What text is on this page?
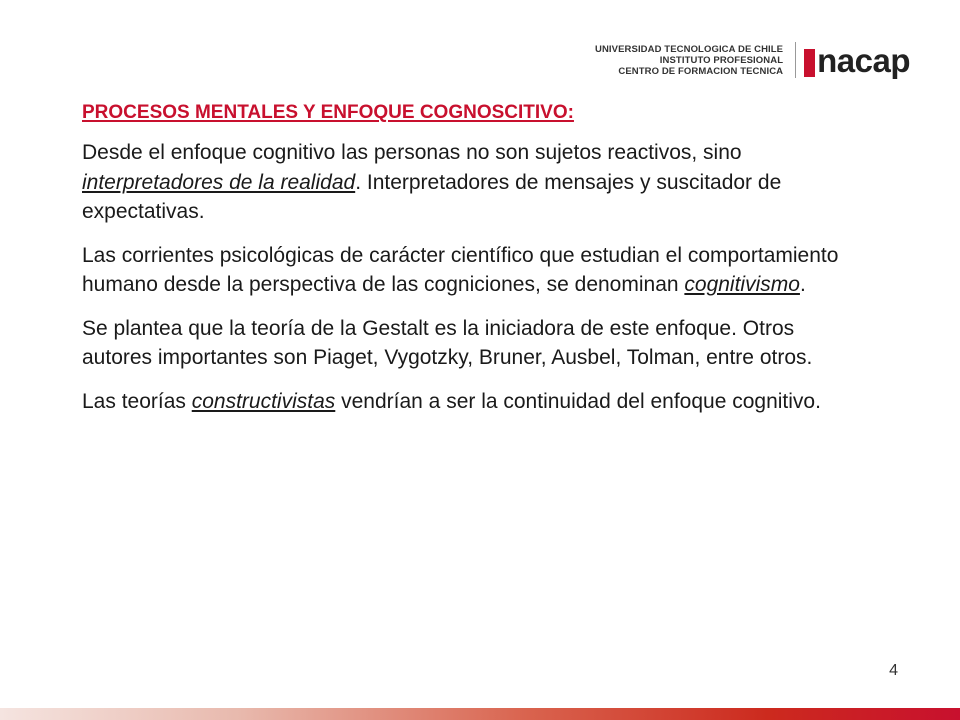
UNIVERSIDAD TECNOLOGICA DE CHILE
INSTITUTO PROFESIONAL
CENTRO DE FORMACION TECNICA nacap
PROCESOS MENTALES Y ENFOQUE COGNOSCITIVO:

Desde el enfoque cognitivo las personas no son sujetos reactivos, sino interpretadores de la realidad. Interpretadores de mensajes y suscitador de expectativas.

Las corrientes psicológicas de carácter científico que estudian el comportamiento humano desde la perspectiva de las cogniciones, se denominan cognitivismo.

Se plantea que la teoría de la Gestalt es la iniciadora de este enfoque. Otros autores importantes son Piaget, Vygotzky, Bruner, Ausbel, Tolman, entre otros.

Las teorías constructivistas vendrían a ser la continuidad del enfoque cognitivo.

4
